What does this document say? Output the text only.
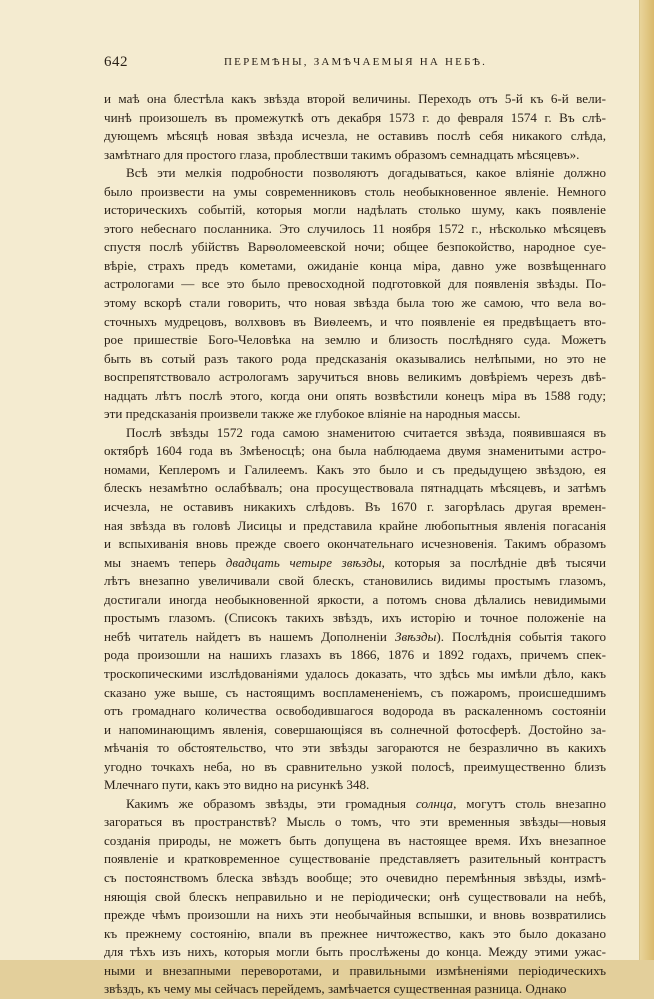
642	ПЕРЕМѢНЫ, ЗАМѢЧАЕМЫЯ НА НЕБѢ.
и маѣ она блестѣла какъ звѣзда второй величины. Переходъ отъ 5-й къ 6-й вели-
чинѣ произошелъ въ промежуткѣ отъ декабря 1573 г. до февраля 1574 г. Въ слѣ-
дующемъ мѣсяцѣ новая звѣзда исчезла, не оставивъ послѣ себя никакого слѣда,
замѣтнаго для простого глаза, проблествши такимъ образомъ семнадцать мѣсяцевъ».
Всѣ эти мелкія подробности позволяютъ догадываться, какое вліяніе должно
было произвести на умы современниковъ столь необыкновенное явленіе. Немного
историческихъ событій, которыя могли надѣлать столько шуму, какъ появленіе
этого небеснаго посланника. Это случилось 11 ноября 1572 г., нѣсколько мѣсяцевъ
спустя послѣ убійствъ Варѳоломеевской ночи; общее безпокойство, народное суе-
вѣріе, страхъ предъ кометами, ожиданіе конца міра, давно уже возвѣщеннаго
астрологами — все это было превосходной подготовкой для появленія звѣзды. По-
этому вскорѣ стали говорить, что новая звѣзда была тою же самою, что вела во-
сточныхъ мудрецовъ, волхвовъ въ Виѳлеемъ, и что появленіе ея предвѣщаетъ вто-
рое пришествіе Бого-Человѣка на землю и близость послѣдняго суда. Можетъ
быть въ сотый разъ такого рода предсказанія оказывались нелѣпыми, но это не
воспрепятствовало астрологамъ заручиться вновь великимъ довѣріемъ черезъ двѣ-
надцать лѣтъ послѣ этого, когда они опять возвѣстили конецъ міра въ 1588 году;
эти предсказанія произвели также же глубокое вліяніе на народныя массы.
Послѣ звѣзды 1572 года самою знаменитою считается звѣзда, появившаяся въ
октябрѣ 1604 года въ Змѣеносцѣ; она была наблюдаема двумя знаменитыми астро-
номами, Кеплеромъ и Галилеемъ. Какъ это было и съ предыдущею звѣздою, ея
блескъ незамѣтно ослабѣвалъ; она просуществовала пятнадцать мѣсяцевъ, и затѣмъ
исчезла, не оставивъ никакихъ слѣдовъ. Въ 1670 г. загорѣлась другая времен-
ная звѣзда въ головѣ Лисицы и представила крайне любопытныя явленія погасанія
и вспыхиванія вновь прежде своего окончательнаго исчезновенія. Такимъ образомъ
мы знаемъ теперь двадцать четыре звѣзды, которыя за послѣдніе двѣ тысячи
лѣтъ внезапно увеличивали свой блескъ, становились видимы простымъ глазомъ,
достигали иногда необыкновенной яркости, а потомъ снова дѣлались невидимыми
простымъ глазомъ. (Списокъ такихъ звѣздъ, ихъ исторію и точное положеніе на
небѣ читатель найдетъ въ нашемъ Дополненіи Звѣзды). Послѣднія событія такого
рода произошли на нашихъ глазахъ въ 1866, 1876 и 1892 годахъ, причемъ спек-
троскопическими изслѣдованіями удалось доказать, что здѣсь мы имѣли дѣло, какъ
сказано уже выше, съ настоящимъ воспламененіемъ, съ пожаромъ, происшедшимъ
отъ громаднаго количества освободившагося водорода въ раскаленномъ состояніи
и напоминающимъ явленія, совершающіяся въ солнечной фотосферѣ. Достойно за-
мѣчанія то обстоятельство, что эти звѣзды загораются не безразлично въ какихъ
угодно точкахъ неба, но въ сравнительно узкой полосѣ, преимущественно близъ
Млечнаго пути, какъ это видно на рисункѣ 348.
Какимъ же образомъ звѣзды, эти громадныя солнца, могутъ столь внезапно
загораться въ пространствѣ? Мысль о томъ, что эти временныя звѣзды—новыя
созданія природы, не можетъ быть допущена въ настоящее время. Ихъ внезапное
появленіе и кратковременное существованіе представляетъ разительный контрастъ
съ постоянствомъ блеска звѣздъ вообще; это очевидно перемѣнныя звѣзды, измѣ-
няющія свой блескъ неправильно и не періодически; онѣ существовали на небѣ,
прежде чѣмъ произошли на нихъ эти необычайныя вспышки, и вновь возвратились
къ прежнему состоянію, впали въ прежнее ничтожество, какъ это было доказано
для тѣхъ изъ нихъ, которыя могли быть прослѣжены до конца. Между этими ужас-
ными и внезапными переворотами, и правильными измѣненіями періодическихъ
звѣздъ, къ чему мы сейчасъ перейдемъ, замѣчается существенная разница. Однако
